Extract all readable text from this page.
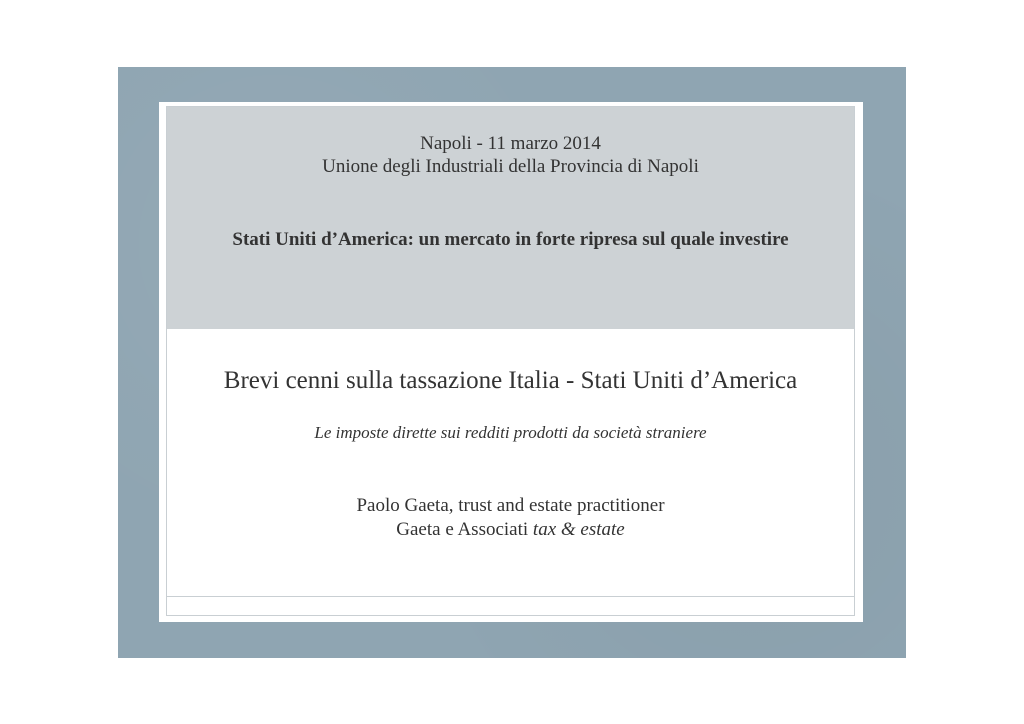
Napoli - 11 marzo 2014
Unione degli Industriali della Provincia di Napoli
Stati Uniti d’America: un mercato in forte ripresa sul quale investire
Brevi cenni sulla tassazione Italia - Stati Uniti d’America
Le imposte dirette sui redditi prodotti da società straniere
Paolo Gaeta, trust and estate practitioner
Gaeta e Associati tax & estate
